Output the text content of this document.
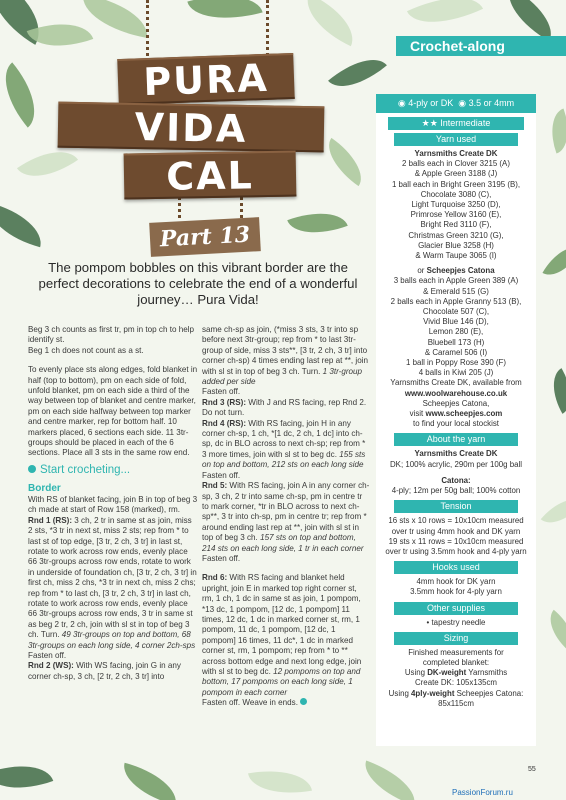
Crochet-along
PURA
VIDA
CAL
Part 13
The pompom bobbles on this vibrant border are the perfect decorations to celebrate the end of a wonderful journey… Pura Vida!

Beg 3 ch counts as first tr, pm in top ch to help identify st.

Beg 1 ch does not count as a st.

To evenly place sts along edges, fold blanket in half (top to bottom), pm on each side of fold, unfold blanket, pm on each side a third of the way between top of blanket and centre marker, pm on each side halfway between top marker and centre marker, rep for bottom half. 10 markers placed, 6 sections each side. 11 3tr-groups should be placed in each of the 6 sections. Place all 3 sts in the same row end.

Start crocheting...

Border

With RS of blanket facing, join B in top of beg 3 ch made at start of Row 158 (marked), rm.

Rnd 1 (RS): 3 ch, 2 tr in same st as join, miss 2 sts, *3 tr in next st, miss 2 sts; rep from * to last st of top edge, [3 tr, 2 ch, 3 tr] in last st, rotate to work across row ends, evenly place 66 3tr-groups across row ends, rotate to work in underside of foundation ch, [3 tr, 2 ch, 3 tr] in first ch, miss 2 chs, *3 tr in next ch, miss 2 chs; rep from * to last ch, [3 tr, 2 ch, 3 tr] in last ch, rotate to work across row ends, evenly place 66 3tr-groups across row ends, 3 tr in same st as beg 2 tr, 2 ch, join with sl st in top of beg 3 ch. Turn. 49 3tr-groups on top and bottom, 68 3tr-groups on each long side, 4 corner 2ch-sps

Fasten off.

Rnd 2 (WS): With WS facing, join G in any corner ch-sp, 3 ch, [2 tr, 2 ch, 3 tr] into

same ch-sp as join, (*miss 3 sts, 3 tr into sp before next 3tr-group; rep from * to last 3tr-group of side, miss 3 sts**, [3 tr, 2 ch, 3 tr] into corner ch-sp) 4 times ending last rep at **, join with sl st in top of beg 3 ch. Turn. 1 3tr-group added per side

Fasten off.

Rnd 3 (RS): With J and RS facing, rep Rnd 2. Do not turn.

Rnd 4 (RS): With RS facing, join H in any corner ch-sp, 1 ch, *[1 dc, 2 ch, 1 dc] into ch-sp, dc in BLO across to next ch-sp; rep from * 3 more times, join with sl st to beg dc. 155 sts on top and bottom, 212 sts on each long side

Fasten off.

Rnd 5: With RS facing, join A in any corner ch-sp, 3 ch, 2 tr into same ch-sp, pm in centre tr to mark corner, *tr in BLO across to next ch-sp**, 3 tr into ch-sp, pm in centre tr; rep from * around ending last rep at **, join with sl st in top of beg 3 ch. 157 sts on top and bottom, 214 sts on each long side, 1 tr in each corner

Fasten off.

Rnd 6: With RS facing and blanket held upright, join E in marked top right corner st, rm, 1 ch, 1 dc in same st as join, 1 pompom, *13 dc, 1 pompom, [12 dc, 1 pompom] 11 times, 12 dc, 1 dc in marked corner st, rm, 1 pompom, 11 dc, 1 pompom, [12 dc, 1 pompom] 16 times, 11 dc*, 1 dc in marked corner st, rm, 1 pompom; rep from * to ** across bottom edge and next long edge, join with sl st to beg dc. 12 pompoms on top and bottom, 17 pompoms on each long side, 1 pompom in each corner

Fasten off. Weave in ends.

◉ 4-ply or DK ◉ 3.5 or 4mm
★★ Intermediate
Yarn used
Yarnsmiths Create DK
2 balls each in Clover 3215 (A)
& Apple Green 3188 (J)
1 ball each in Bright Green 3195 (B),
Chocolate 3080 (C),
Light Turquoise 3250 (D),
Primrose Yellow 3160 (E),
Bright Red 3110 (F),
Christmas Green 3210 (G),
Glacier Blue 3258 (H)
& Warm Taupe 3065 (I)
or Scheepjes Catona
3 balls each in Apple Green 389 (A)
& Emerald 515 (G)
2 balls each in Apple Granny 513 (B),
Chocolate 507 (C),
Vivid Blue 146 (D),
Lemon 280 (E),
Bluebell 173 (H)
& Caramel 506 (I)
1 ball in Poppy Rose 390 (F)
4 balls in Kiwi 205 (J)
Yarnsmiths Create DK, available from
www.woolwarehouse.co.uk
Scheepjes Catona,
visit www.scheepjes.com
to find your local stockist
About the yarn
Yarnsmiths Create DK
DK; 100% acrylic, 290m per 100g ball
Catona:
4-ply; 12m per 50g ball; 100% cotton
Tension
16 sts x 10 rows = 10x10cm measured
over tr using 4mm hook and DK yarn
19 sts x 11 rows = 10x10cm measured
over tr using 3.5mm hook and 4-ply yarn
Hooks used
4mm hook for DK yarn
3.5mm hook for 4-ply yarn
Other supplies
• tapestry needle
Sizing
Finished measurements for
completed blanket:
Using DK-weight Yarnsmiths
Create DK: 105x135cm
Using 4ply-weight Scheepjes Catona:
85x115cm
55
PassionForum.ru
